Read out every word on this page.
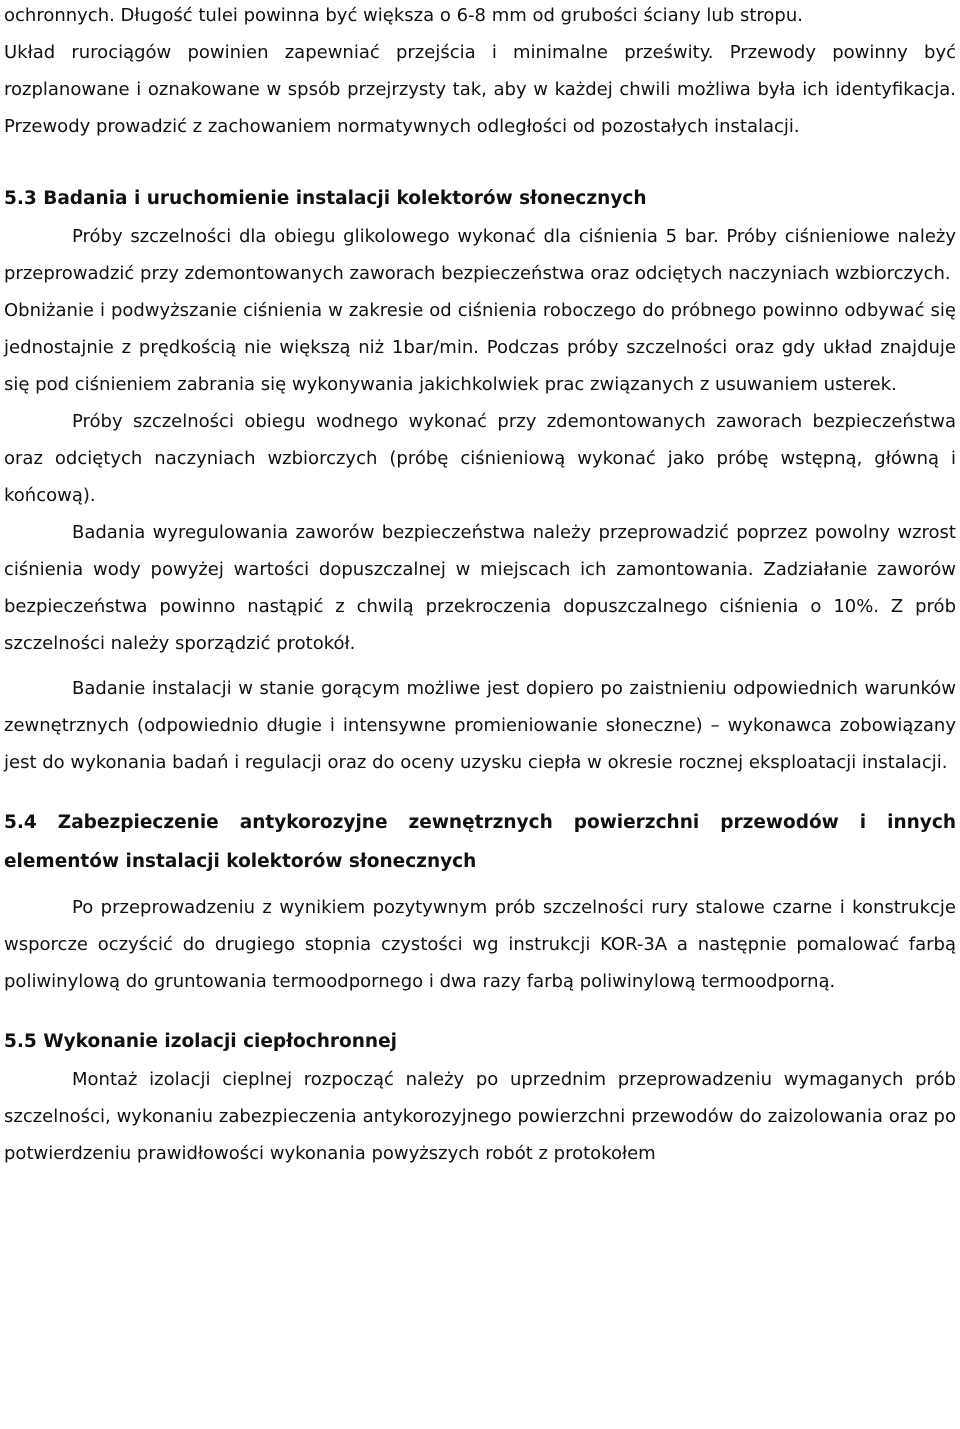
ochronnych. Długość tulei powinna być większa o 6-8 mm od grubości ściany lub stropu.

Układ rurociągów powinien zapewniać przejścia i minimalne prześwity. Przewody powinny być rozplanowane i oznakowane w spsób przejrzysty tak, aby w każdej chwili możliwa była ich identyfikacja. Przewody prowadzić z zachowaniem normatywnych odległości od pozostałych instalacji.

5.3 Badania i uruchomienie instalacji kolektorów słonecznych

Próby szczelności dla obiegu glikolowego wykonać dla ciśnienia 5 bar. Próby ciśnieniowe należy przeprowadzić przy zdemontowanych zaworach bezpieczeństwa oraz odciętych naczyniach wzbiorczych.

Obniżanie i podwyższanie ciśnienia w zakresie od ciśnienia roboczego do próbnego powinno odbywać się jednostajnie z prędkością nie większą niż 1bar/min. Podczas próby szczelności oraz gdy układ znajduje się pod ciśnieniem zabrania się wykonywania jakichkolwiek prac związanych z usuwaniem usterek.

Próby szczelności obiegu wodnego wykonać przy zdemontowanych zaworach bezpieczeństwa oraz odciętych naczyniach wzbiorczych (próbę ciśnieniową wykonać jako próbę wstępną, główną i końcową).

Badania wyregulowania zaworów bezpieczeństwa należy przeprowadzić poprzez powolny wzrost ciśnienia wody powyżej wartości dopuszczalnej w miejscach ich zamontowania. Zadziałanie zaworów bezpieczeństwa powinno nastąpić z chwilą przekroczenia dopuszczalnego ciśnienia o 10%. Z prób szczelności należy sporządzić protokół.

Badanie instalacji w stanie gorącym możliwe jest dopiero po zaistnieniu odpowiednich warunków zewnętrznych (odpowiednio długie i intensywne promieniowanie słoneczne) – wykonawca zobowiązany jest do wykonania badań i regulacji oraz do oceny uzysku ciepła w okresie rocznej eksploatacji instalacji.

5.4 Zabezpieczenie antykorozyjne zewnętrznych powierzchni przewodów i innych elementów instalacji kolektorów słonecznych

Po przeprowadzeniu z wynikiem pozytywnym prób szczelności rury stalowe czarne i konstrukcje wsporcze oczyścić do drugiego stopnia czystości wg instrukcji KOR-3A a następnie pomalować farbą poliwinylową do gruntowania termoodpornego i dwa razy farbą poliwinylową termoodporną.

5.5 Wykonanie izolacji ciepłochronnej

Montaż izolacji cieplnej rozpocząć należy po uprzednim przeprowadzeniu wymaganych prób szczelności, wykonaniu zabezpieczenia antykorozyjnego powierzchni przewodów do zaizolowania oraz po potwierdzeniu prawidłowości wykonania powyższych robót z protokołem
